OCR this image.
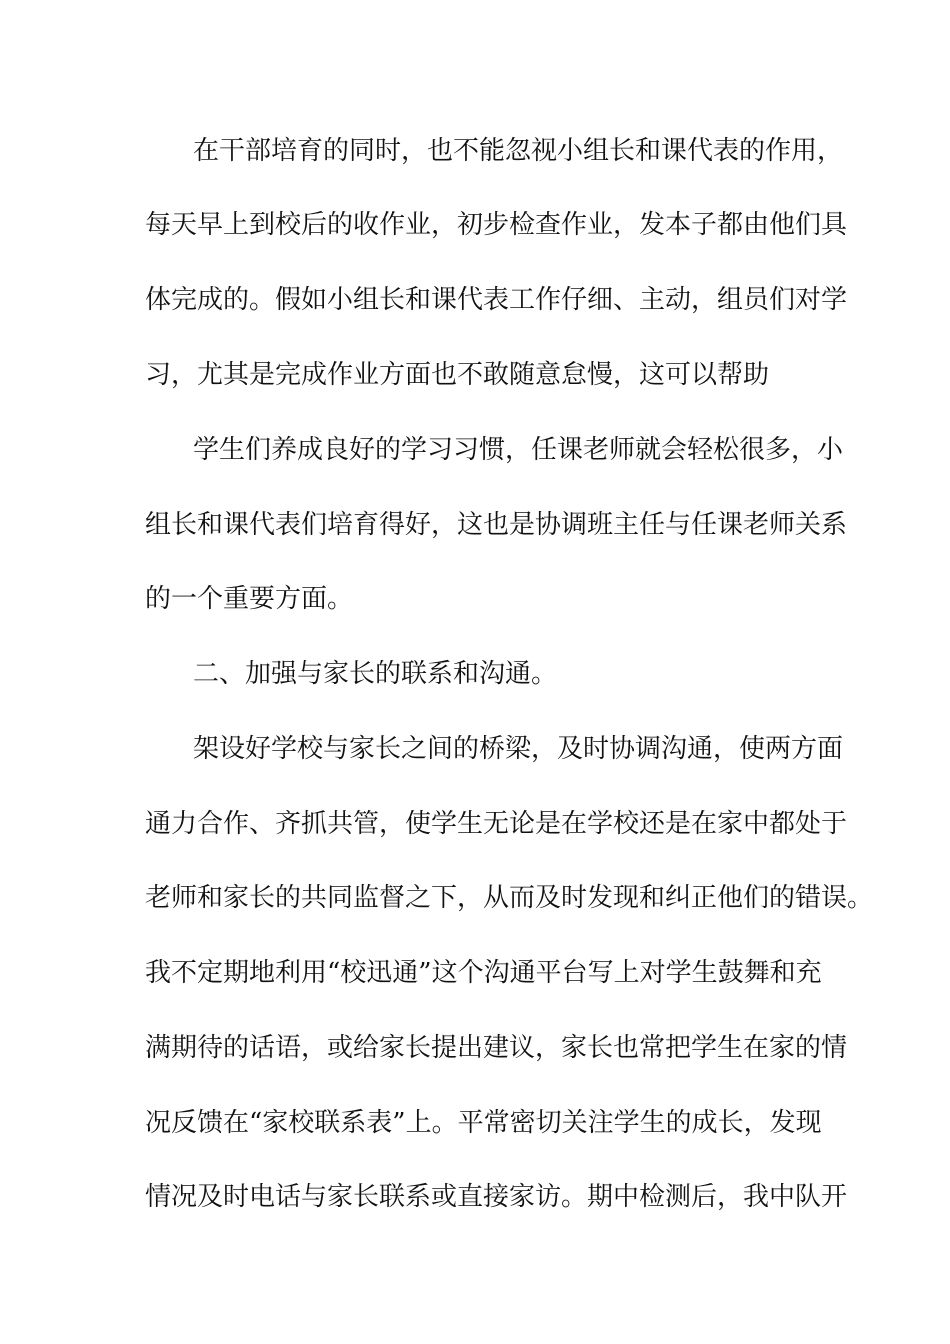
在干部培育的同时，也不能忽视小组长和课代表的作用，
每天早上到校后的收作业，初步检查作业，发本子都由他们具
体完成的。假如小组长和课代表工作仔细、主动，组员们对学
习，尤其是完成作业方面也不敢随意怠慢，这可以帮助
学生们养成良好的学习习惯，任课老师就会轻松很多，小
组长和课代表们培育得好，这也是协调班主任与任课老师关系
的一个重要方面。
二、加强与家长的联系和沟通。
架设好学校与家长之间的桥梁，及时协调沟通，使两方面
通力合作、齐抓共管，使学生无论是在学校还是在家中都处于
老师和家长的共同监督之下，从而及时发现和纠正他们的错误。
我不定期地利用“校迅通”这个沟通平台写上对学生鼓舞和充
满期待的话语，或给家长提出建议，家长也常把学生在家的情
况反馈在“家校联系表”上。平常密切关注学生的成长，发现
情况及时电话与家长联系或直接家访。期中检测后，我中队开
